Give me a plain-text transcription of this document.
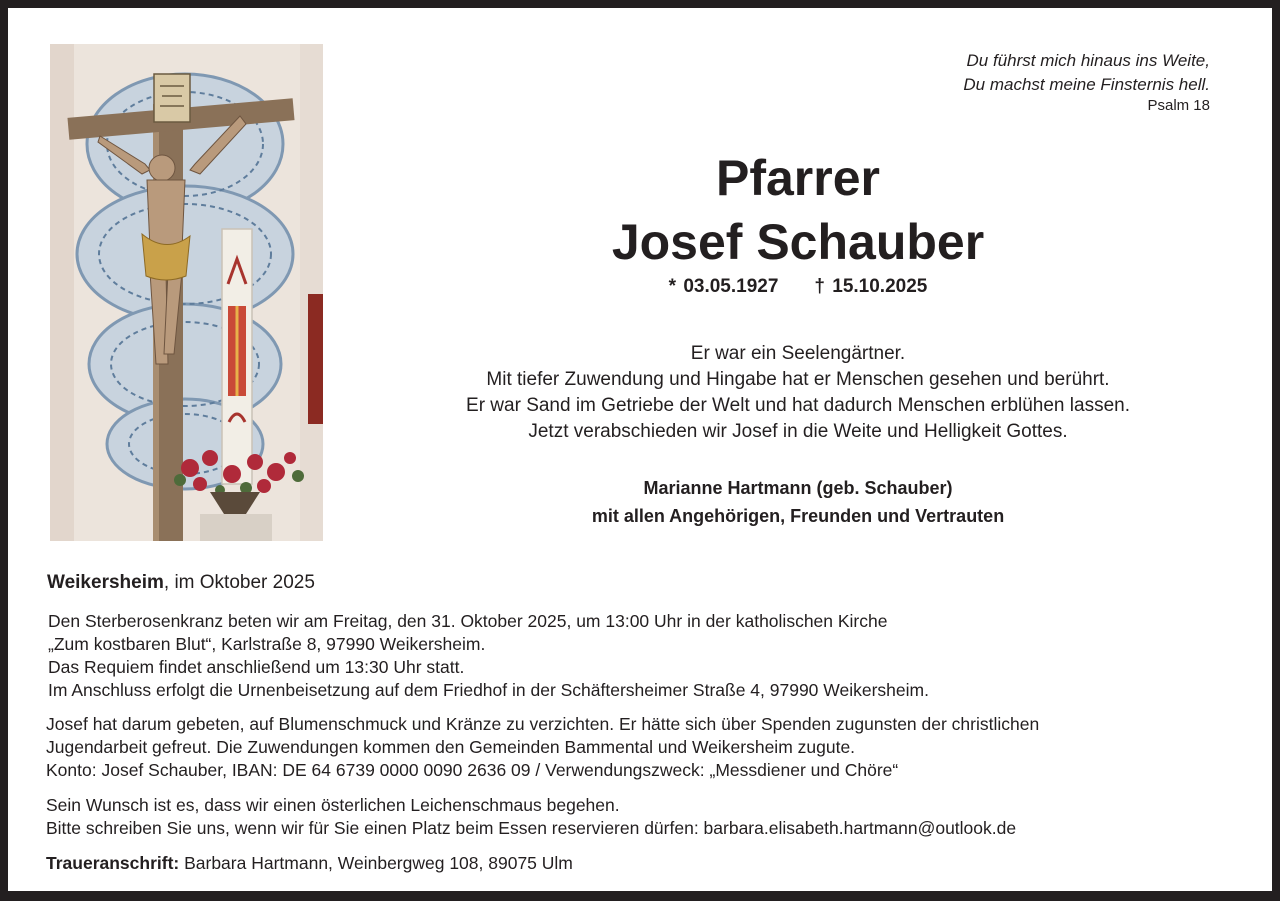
Du führst mich hinaus ins Weite,
Du machst meine Finsternis hell.
Psalm 18
Pfarrer
Josef Schauber
* 03.05.1927 † 15.10.2025
Er war ein Seelengärtner.
Mit tiefer Zuwendung und Hingabe hat er Menschen gesehen und berührt.
Er war Sand im Getriebe der Welt und hat dadurch Menschen erblühen lassen.
Jetzt verabschieden wir Josef in die Weite und Helligkeit Gottes.
Marianne Hartmann (geb. Schauber)
mit allen Angehörigen, Freunden und Vertrauten
Weikersheim, im Oktober 2025
Den Sterberosenkranz beten wir am Freitag, den 31. Oktober 2025, um 13:00 Uhr in der katholischen Kirche
„Zum kostbaren Blut“, Karlstraße 8, 97990 Weikersheim.
Das Requiem findet anschließend um 13:30 Uhr statt.
Im Anschluss erfolgt die Urnenbeisetzung auf dem Friedhof in der Schäftersheimer Straße 4, 97990 Weikersheim.
Josef hat darum gebeten, auf Blumenschmuck und Kränze zu verzichten. Er hätte sich über Spenden zugunsten der christlichen
Jugendarbeit gefreut. Die Zuwendungen kommen den Gemeinden Bammental und Weikersheim zugute.
Konto: Josef Schauber, IBAN: DE 64 6739 0000 0090 2636 09 / Verwendungszweck: „Messdiener und Chöre“
Sein Wunsch ist es, dass wir einen österlichen Leichenschmaus begehen.
Bitte schreiben Sie uns, wenn wir für Sie einen Platz beim Essen reservieren dürfen: barbara.elisabeth.hartmann@outlook.de
Traueranschrift: Barbara Hartmann, Weinbergweg 108, 89075 Ulm
